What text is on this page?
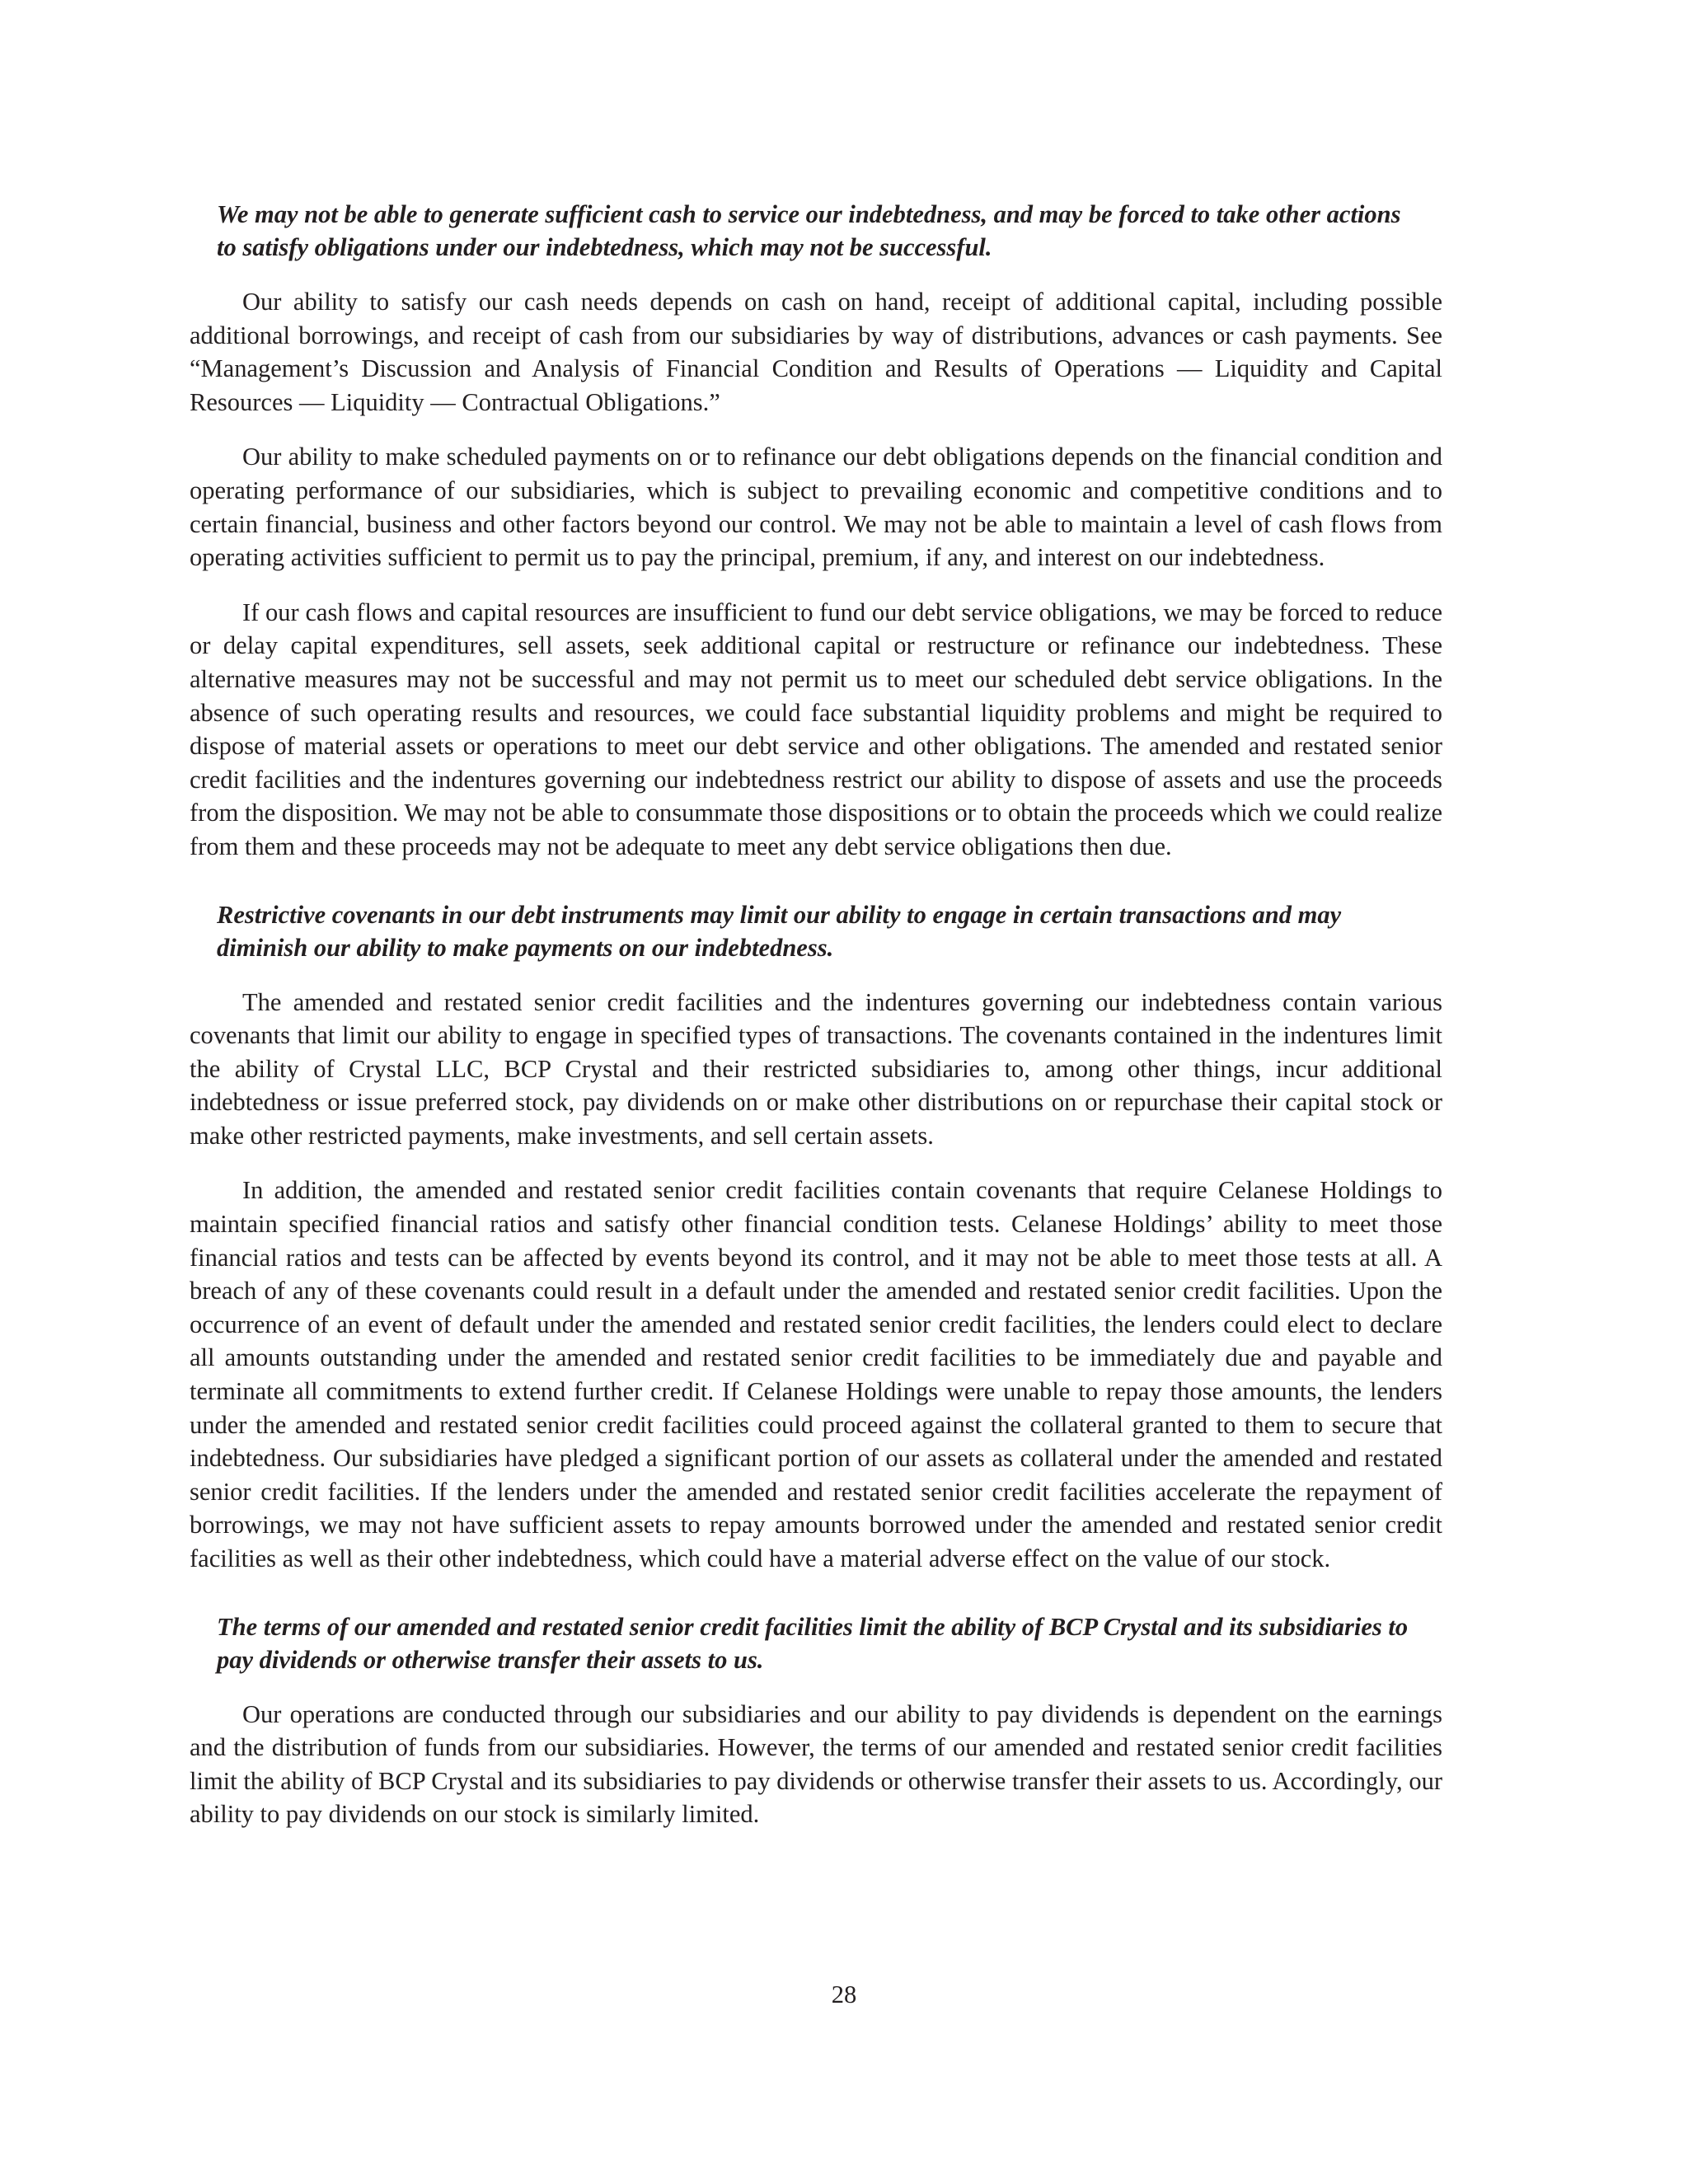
We may not be able to generate sufficient cash to service our indebtedness, and may be forced to take other actions to satisfy obligations under our indebtedness, which may not be successful.

Our ability to satisfy our cash needs depends on cash on hand, receipt of additional capital, including possible additional borrowings, and receipt of cash from our subsidiaries by way of distributions, advances or cash payments. See “Management’s Discussion and Analysis of Financial Condition and Results of Operations — Liquidity and Capital Resources — Liquidity — Contractual Obligations.”

Our ability to make scheduled payments on or to refinance our debt obligations depends on the financial condition and operating performance of our subsidiaries, which is subject to prevailing economic and competitive conditions and to certain financial, business and other factors beyond our control. We may not be able to maintain a level of cash flows from operating activities sufficient to permit us to pay the principal, premium, if any, and interest on our indebtedness.

If our cash flows and capital resources are insufficient to fund our debt service obligations, we may be forced to reduce or delay capital expenditures, sell assets, seek additional capital or restructure or refinance our indebtedness. These alternative measures may not be successful and may not permit us to meet our scheduled debt service obligations. In the absence of such operating results and resources, we could face substantial liquidity problems and might be required to dispose of material assets or operations to meet our debt service and other obligations. The amended and restated senior credit facilities and the indentures governing our indebtedness restrict our ability to dispose of assets and use the proceeds from the disposition. We may not be able to consummate those dispositions or to obtain the proceeds which we could realize from them and these proceeds may not be adequate to meet any debt service obligations then due.

Restrictive covenants in our debt instruments may limit our ability to engage in certain transactions and may diminish our ability to make payments on our indebtedness.

The amended and restated senior credit facilities and the indentures governing our indebtedness contain various covenants that limit our ability to engage in specified types of transactions. The covenants contained in the indentures limit the ability of Crystal LLC, BCP Crystal and their restricted subsidiaries to, among other things, incur additional indebtedness or issue preferred stock, pay dividends on or make other distributions on or repurchase their capital stock or make other restricted payments, make investments, and sell certain assets.

In addition, the amended and restated senior credit facilities contain covenants that require Celanese Holdings to maintain specified financial ratios and satisfy other financial condition tests. Celanese Holdings’ ability to meet those financial ratios and tests can be affected by events beyond its control, and it may not be able to meet those tests at all. A breach of any of these covenants could result in a default under the amended and restated senior credit facilities. Upon the occurrence of an event of default under the amended and restated senior credit facilities, the lenders could elect to declare all amounts outstanding under the amended and restated senior credit facilities to be immediately due and payable and terminate all commitments to extend further credit. If Celanese Holdings were unable to repay those amounts, the lenders under the amended and restated senior credit facilities could proceed against the collateral granted to them to secure that indebtedness. Our subsidiaries have pledged a significant portion of our assets as collateral under the amended and restated senior credit facilities. If the lenders under the amended and restated senior credit facilities accelerate the repayment of borrowings, we may not have sufficient assets to repay amounts borrowed under the amended and restated senior credit facilities as well as their other indebtedness, which could have a material adverse effect on the value of our stock.

The terms of our amended and restated senior credit facilities limit the ability of BCP Crystal and its subsidiaries to pay dividends or otherwise transfer their assets to us.

Our operations are conducted through our subsidiaries and our ability to pay dividends is dependent on the earnings and the distribution of funds from our subsidiaries. However, the terms of our amended and restated senior credit facilities limit the ability of BCP Crystal and its subsidiaries to pay dividends or otherwise transfer their assets to us. Accordingly, our ability to pay dividends on our stock is similarly limited.

28
